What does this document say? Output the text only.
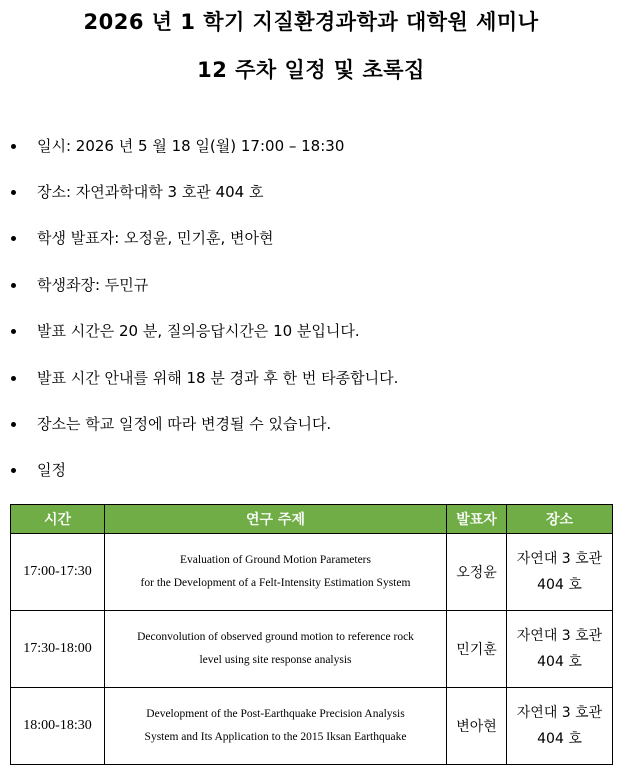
2026 년 1 학기 지질환경과학과 대학원 세미나
12 주차 일정 및 초록집
일시: 2026 년 5 월 18 일(월) 17:00 – 18:30
장소: 자연과학대학 3 호관 404 호
학생 발표자: 오정윤, 민기훈, 변아현
학생좌장: 두민규
발표 시간은 20 분, 질의응답시간은 10 분입니다.
발표 시간 안내를 위해 18 분 경과 후 한 번 타종합니다.
장소는 학교 일정에 따라 변경될 수 있습니다.
일정
시간	연구 주제	발표자	장소
17:00-17:30	Evaluation of Ground Motion Parameters
for the Development of a Felt-Intensity Estimation System	오정윤	자연대 3 호관
404 호

17:30-18:00	Deconvolution of observed ground motion to reference rock
level using site response analysis	민기훈	자연대 3 호관
404 호

18:00-18:30	Development of the Post-Earthquake Precision Analysis
System and Its Application to the 2015 Iksan Earthquake	변아현	자연대 3 호관
404 호
